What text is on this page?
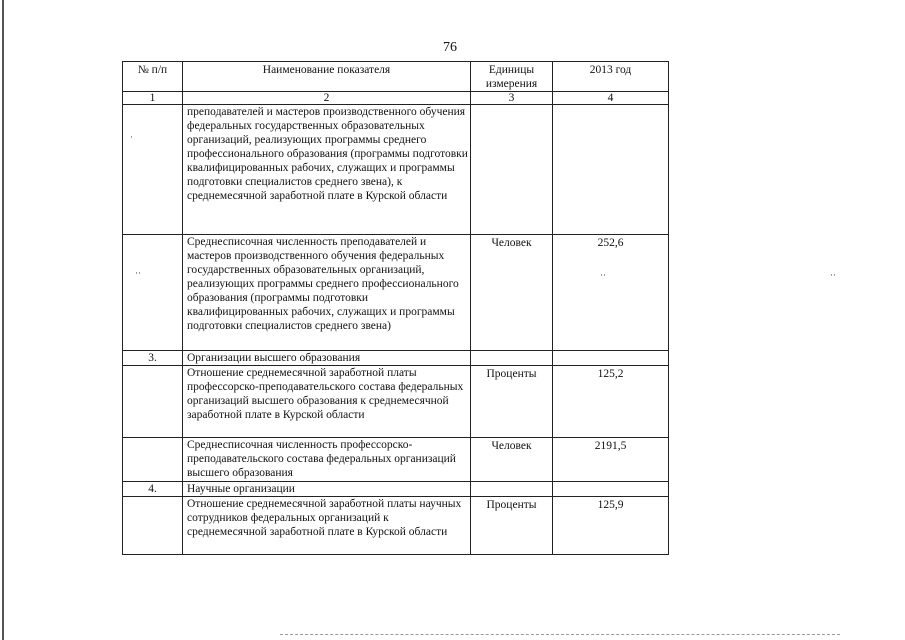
·
··	··	··
76
№ п/п	Наименование показателя	Единицы измерения	2013 год
1	2	3	4
	преподавателей и мастеров производственного обучения федеральных государственных образовательных организаций, реализующих программы среднего профессионального образования (программы подготовки квалифицированных рабочих, служащих и программы подготовки специалистов среднего звена), к среднемесячной заработной плате в Курской области		
	Среднесписочная численность преподавателей и мастеров производственного обучения федеральных государственных образовательных организаций, реализующих программы среднего профессионального образования (программы подготовки квалифицированных рабочих, служащих и программы подготовки специалистов среднего звена)	Человек	252,6
3.	Организации высшего образования		
	Отношение среднемесячной заработной платы профессорско-преподавательского состава федеральных организаций высшего образования к среднемесячной заработной плате в Курской области	Проценты	125,2
	Среднесписочная численность профессорско-преподавательского состава федеральных организаций высшего образования	Человек	2191,5
4.	Научные организации		
	Отношение среднемесячной заработной платы научных сотрудников федеральных организаций к среднемесячной заработной плате в Курской области	Проценты	125,9
